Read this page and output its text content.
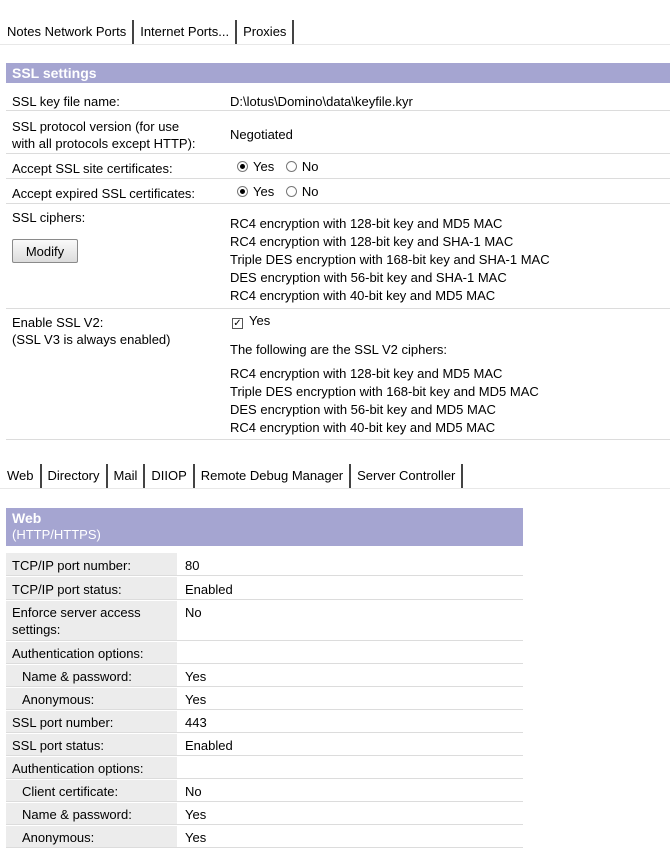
Notes Network Ports	Internet Ports...	Proxies
SSL settings
SSL key file name:	D:\lotus\Domino\data\keyfile.kyr
SSL protocol version (for use
with all protocols except HTTP):
Negotiated
Accept SSL site certificates:	Yes No
Accept expired SSL certificates:	Yes No
SSL ciphers:
Modify
RC4 encryption with 128-bit key and MD5 MAC
RC4 encryption with 128-bit key and SHA-1 MAC
Triple DES encryption with 168-bit key and SHA-1 MAC
DES encryption with 56-bit key and SHA-1 MAC
RC4 encryption with 40-bit key and MD5 MAC
Enable SSL V2:
(SSL V3 is always enabled)
✓ Yes
The following are the SSL V2 ciphers:
RC4 encryption with 128-bit key and MD5 MAC
Triple DES encryption with 168-bit key and MD5 MAC
DES encryption with 56-bit key and MD5 MAC
RC4 encryption with 40-bit key and MD5 MAC
Web	Directory	Mail	DIIOP	Remote Debug Manager	Server Controller
Web
(HTTP/HTTPS)
TCP/IP port number:	80
TCP/IP port status:	Enabled
Enforce server access
settings:
No
Authentication options:
Name & password:	Yes
Anonymous:	Yes
SSL port number:	443
SSL port status:	Enabled
Authentication options:
Client certificate:	No
Name & password:	Yes
Anonymous:	Yes
